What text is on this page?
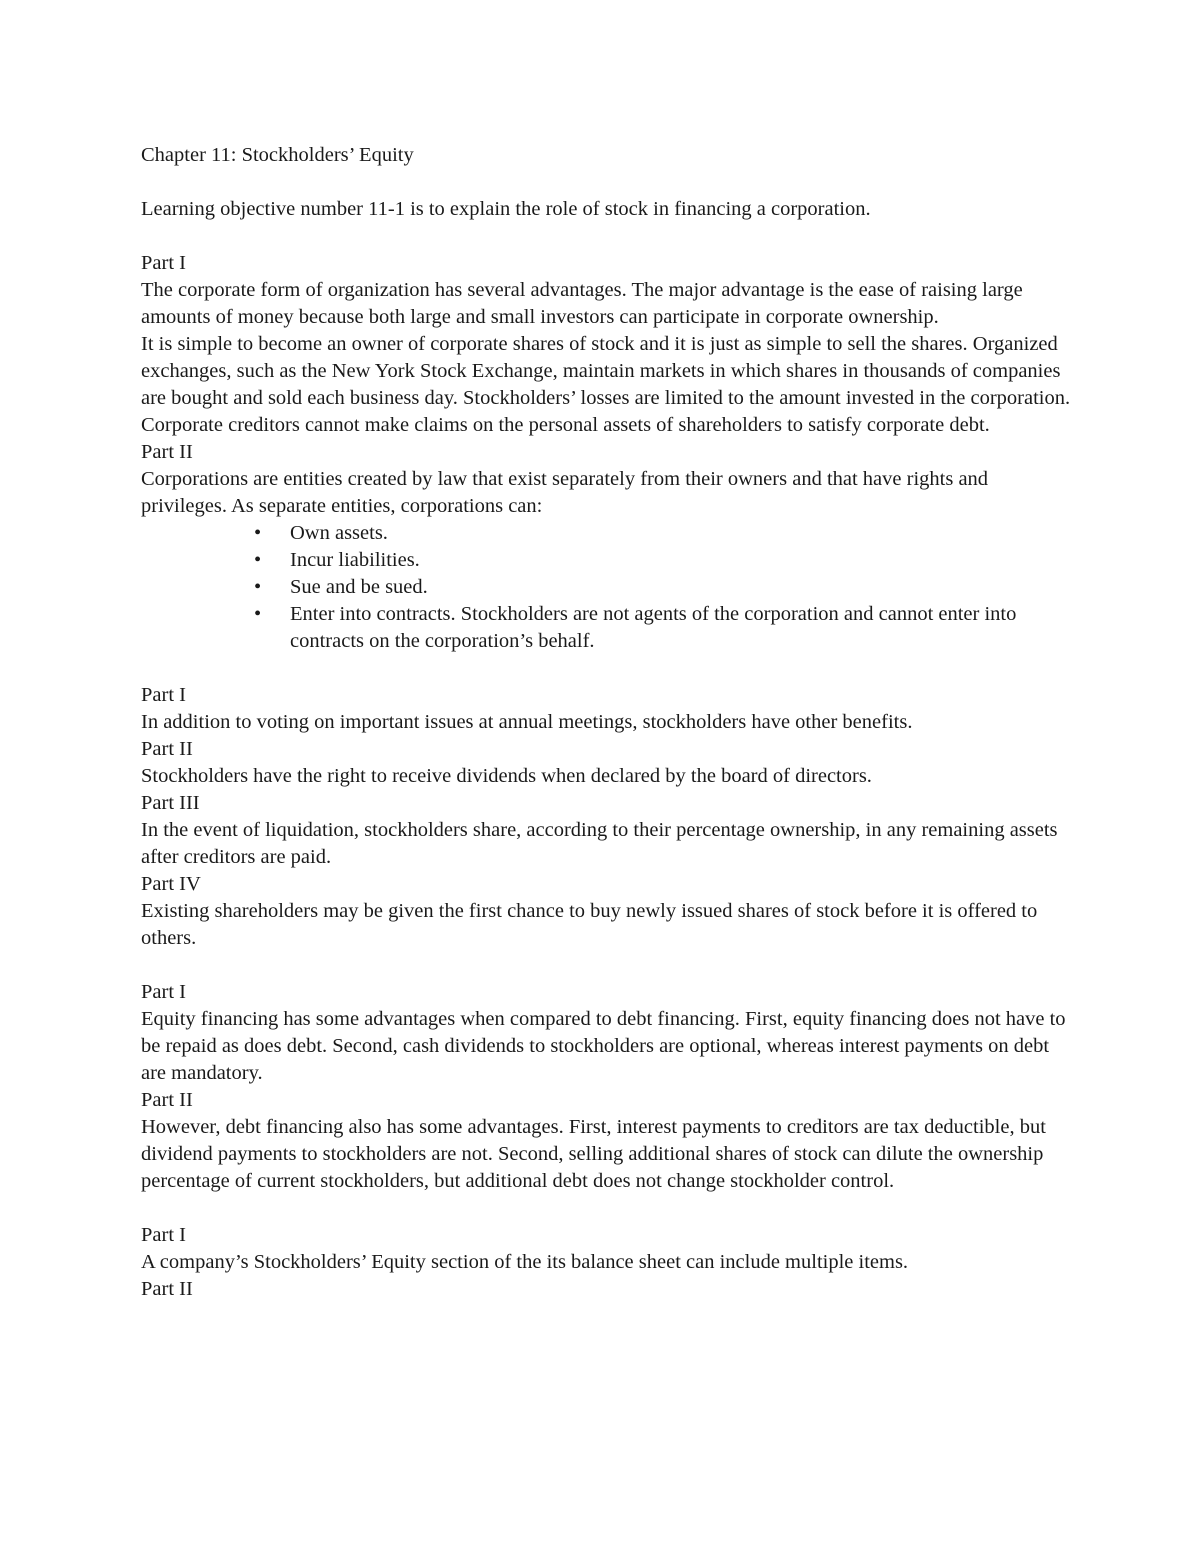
Chapter 11: Stockholders’ Equity

Learning objective number 11-1 is to explain the role of stock in financing a corporation.

Part I

The corporate form of organization has several advantages. The major advantage is the ease of raising large amounts of money because both large and small investors can participate in corporate ownership.

It is simple to become an owner of corporate shares of stock and it is just as simple to sell the shares. Organized exchanges, such as the New York Stock Exchange, maintain markets in which shares in thousands of companies are bought and sold each business day. Stockholders’ losses are limited to the amount invested in the corporation. Corporate creditors cannot make claims on the personal assets of shareholders to satisfy corporate debt.

Part II

Corporations are entities created by law that exist separately from their owners and that have rights and privileges. As separate entities, corporations can:

• Own assets.
• Incur liabilities.
• Sue and be sued.
• Enter into contracts. Stockholders are not agents of the corporation and cannot enter into contracts on the corporation’s behalf.

Part I

In addition to voting on important issues at annual meetings, stockholders have other benefits.

Part II

Stockholders have the right to receive dividends when declared by the board of directors.

Part III

In the event of liquidation, stockholders share, according to their percentage ownership, in any remaining assets after creditors are paid.

Part IV

Existing shareholders may be given the first chance to buy newly issued shares of stock before it is offered to others.

Part I

Equity financing has some advantages when compared to debt financing. First, equity financing does not have to be repaid as does debt. Second, cash dividends to stockholders are optional, whereas interest payments on debt are mandatory.

Part II

However, debt financing also has some advantages. First, interest payments to creditors are tax deductible, but dividend payments to stockholders are not. Second, selling additional shares of stock can dilute the ownership percentage of current stockholders, but additional debt does not change stockholder control.

Part I

A company’s Stockholders’ Equity section of the its balance sheet can include multiple items.

Part II
